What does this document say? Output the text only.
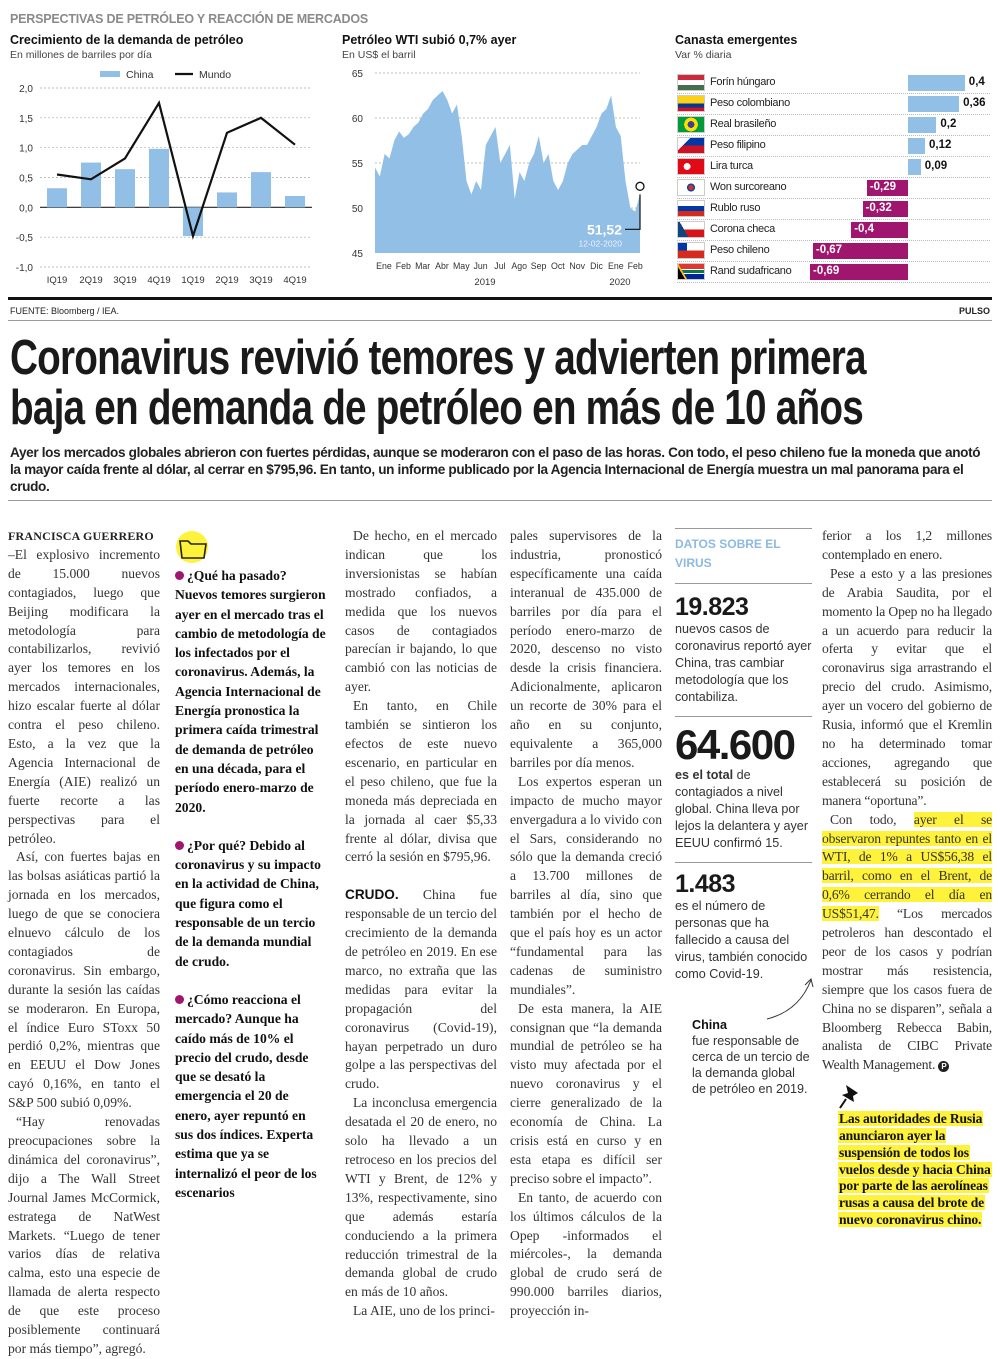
PERSPECTIVAS DE PETRÓLEO Y REACCIÓN DE MERCADOS
Crecimiento de la demanda de petróleo
En millones de barriles por día
2,0
1,5
1,0
0,5
0,0
-0,5
-1,0
IQ19 2Q19 3Q19 4Q19 1Q19 2Q19 3Q19 4Q19
China	Mundo
Petróleo WTI subió 0,7% ayer
En US$ el barril
65
60
55
50
45
51,52
12-02-2020
Ene Feb Mar Abr May Jun Jul Ago Sep Oct Nov Dic Ene Feb
2019	2020
Canasta emergentes
Var % diaria
Forín húngaro	0,4
Peso colombiano	0,36
Real brasileño	0,2
Peso filipino	0,12
Lira turca	0,09
Won surcoreano	-0,29
Rublo ruso	-0,32
Corona checa	-0,4
Peso chileno	-0,67
Rand sudafricano -0,69
FUENTE: Bloomberg / IEA.	PULSO
Coronavirus revivió temores y advierten primera
baja en demanda de petróleo en más de 10 años
Ayer los mercados globales abrieron con fuertes pérdidas, aunque se moderaron con el paso de las horas. Con todo, el peso chileno fue la moneda que anotó la mayor caída frente al dólar, al cerrar en $795,96. En tanto, un informe publicado por la Agencia Internacional de Energía muestra un mal panorama para el crudo.
FRANCISCA GUERRERO

–El explosivo incremento de 15.000 nuevos contagiados, luego que Beijing modificara la metodología para contabilizarlos, revivió ayer los temores en los mercados internacionales, hizo escalar fuerte al dólar contra el peso chileno. Esto, a la vez que la Agencia Internacional de Energía (AIE) realizó un fuerte recorte a las perspectivas para el petróleo.

Así, con fuertes bajas en las bolsas asiáticas partió la jornada en los mercados, luego de que se conociera elnuevo cálculo de los contagiados de coronavirus. Sin embargo, durante la sesión las caídas se moderaron. En Europa, el índice Euro SToxx 50 perdió 0,2%, mientras que en EEUU el Dow Jones cayó 0,16%, en tanto el S&P 500 subió 0,09%.

“Hay renovadas preocupaciones sobre la dinámica del coronavirus”, dijo a The Wall Street Journal James McCormick, estratega de NatWest Markets. “Luego de tener varios días de relativa calma, esto una especie de llamada de alerta respecto de que este proceso posiblemente continuará por más tiempo”, agregó.

¿Qué ha pasado? Nuevos temores surgieron ayer en el mercado tras el cambio de metodología de los infectados por el coronavirus. Además, la Agencia Internacional de Energía pronostica la primera caída trimestral de demanda de petróleo en una década, para el período enero-marzo de 2020.
¿Por qué? Debido al coronavirus y su impacto en la actividad de China, que figura como el responsable de un tercio de la demanda mundial de crudo.
¿Cómo reacciona el mercado? Aunque ha caído más de 10% el precio del crudo, desde que se desató la emergencia el 20 de enero, ayer repuntó en sus dos índices. Experta estima que ya se internalizó el peor de los escenarios

De hecho, en el mercado indican que los inversionistas se habían mostrado confiados, a medida que los nuevos casos de contagiados parecían ir bajando, lo que cambió con las noticias de ayer.

En tanto, en Chile también se sintieron los efectos de este nuevo escenario, en particular en el peso chileno, que fue la moneda más depreciada en la jornada al caer $5,33 frente al dólar, divisa que cerró la sesión en $795,96.

CRUDO. China fue responsable de un tercio del crecimiento de la demanda de petróleo en 2019. En ese marco, no extraña que las medidas para evitar la propagación del coronavirus (Covid-19), hayan perpetrado un duro golpe a las perspectivas del crudo.

La inconclusa emergencia desatada el 20 de enero, no solo ha llevado a un retroceso en los precios del WTI y Brent, de 12% y 13%, respectivamente, sino que además estaría conduciendo a la primera reducción trimestral de la demanda global de crudo en más de 10 años.

La AIE, uno de los princi-

pales supervisores de la industria, pronosticó específicamente una caída interanual de 435.000 de barriles por día para el período enero-marzo de 2020, descenso no visto desde la crisis financiera. Adicionalmente, aplicaron un recorte de 30% para el año en su conjunto, equivalente a 365,000 barriles por día menos.

Los expertos esperan un impacto de mucho mayor envergadura a lo vivido con el Sars, considerando no sólo que la demanda creció a 13.700 millones de barriles al día, sino que también por el hecho de que el país hoy es un actor “fundamental para las cadenas de suministro mundiales”.

De esta manera, la AIE consignan que “la demanda mundial de petróleo se ha visto muy afectada por el nuevo coronavirus y el cierre generalizado de la economía de China. La crisis está en curso y en esta etapa es difícil ser preciso sobre el impacto”.

En tanto, de acuerdo con los últimos cálculos de la Opep -informados el miércoles-, la demanda global de crudo será de 990.000 barriles diarios, proyección in-

DATOS SOBRE EL VIRUS
19.823
nuevos casos de coronavirus reportó ayer China, tras cambiar metodología que los contabiliza.
64.600
es el total de contagiados a nivel global. China lleva por lejos la delantera y ayer EEUU confirmó 15.
1.483
es el número de personas que ha fallecido a causa del virus, también conocido como Covid-19.
China
fue responsable de cerca de un tercio de la demanda global de petróleo en 2019.

ferior a los 1,2 millones contemplado en enero.

Pese a esto y a las presiones de Arabia Saudita, por el momento la Opep no ha llegado a un acuerdo para reducir la oferta y evitar que el coronavirus siga arrastrando el precio del crudo. Asimismo, ayer un vocero del gobierno de Rusia, informó que el Kremlin no ha determinado tomar acciones, agregando que establecerá su posición de manera “oportuna”.

Con todo, ayer el se observaron repuntes tanto en el WTI, de 1% a US$56,38 el barril, como en el Brent, de 0,6% cerrando el día en US$51,47. “Los mercados petroleros han descontado el peor de los casos y podrían mostrar más resistencia, siempre que los casos fuera de China no se disparen”, señala a Bloomberg Rebecca Babin, analista de CIBC Private Wealth Management. P

Las autoridades de Rusia anunciaron ayer la suspensión de todos los vuelos desde y hacia China por parte de las aerolíneas rusas a causa del brote de nuevo coronavirus chino.
